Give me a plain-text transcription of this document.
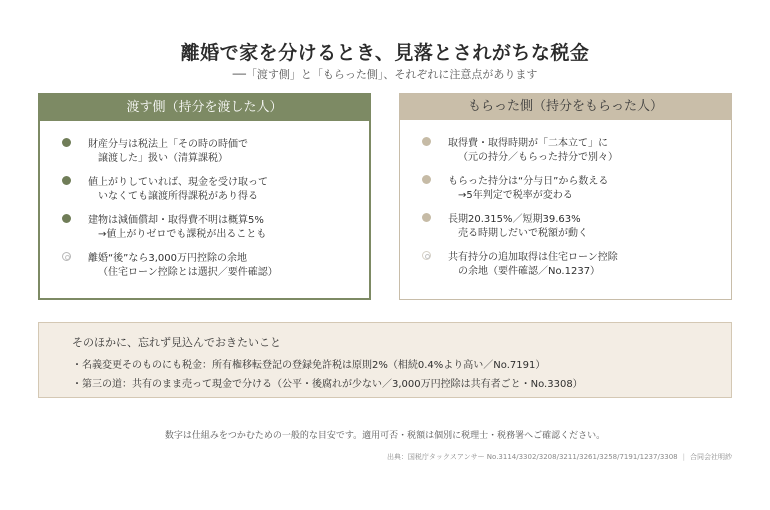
離婚で家を分けるとき、見落とされがちな税金
──「渡す側」と「もらった側」、それぞれに注意点があります
渡す側（持分を渡した人）
財産分与は税法上「その時の時価で
譲渡した」扱い（清算課税）
値上がりしていれば、現金を受け取って
いなくても譲渡所得課税があり得る
建物は減価償却・取得費不明は概算5%
→値上がりゼロでも課税が出ることも
離婚“後”なら3,000万円控除の余地
（住宅ローン控除とは選択／要件確認）
もらった側（持分をもらった人）
取得費・取得時期が「二本立て」に
（元の持分／もらった持分で別々）
もらった持分は“分与日”から数える
→5年判定で税率が変わる
長期20.315%／短期39.63%
売る時期しだいで税額が動く
共有持分の追加取得は住宅ローン控除
の余地（要件確認／No.1237）
そのほかに、忘れず見込んでおきたいこと
・名義変更そのものにも税金：所有権移転登記の登録免許税は原則2%（相続0.4%より高い／No.7191）
・第三の道：共有のまま売って現金で分ける（公平・後腐れが少ない／3,000万円控除は共有者ごと・No.3308）
数字は仕組みをつかむための一般的な目安です。適用可否・税額は個別に税理士・税務署へご確認ください。
出典：国税庁タックスアンサー No.3114/3302/3208/3211/3261/3258/7191/1237/3308 | 合同会社明紗
